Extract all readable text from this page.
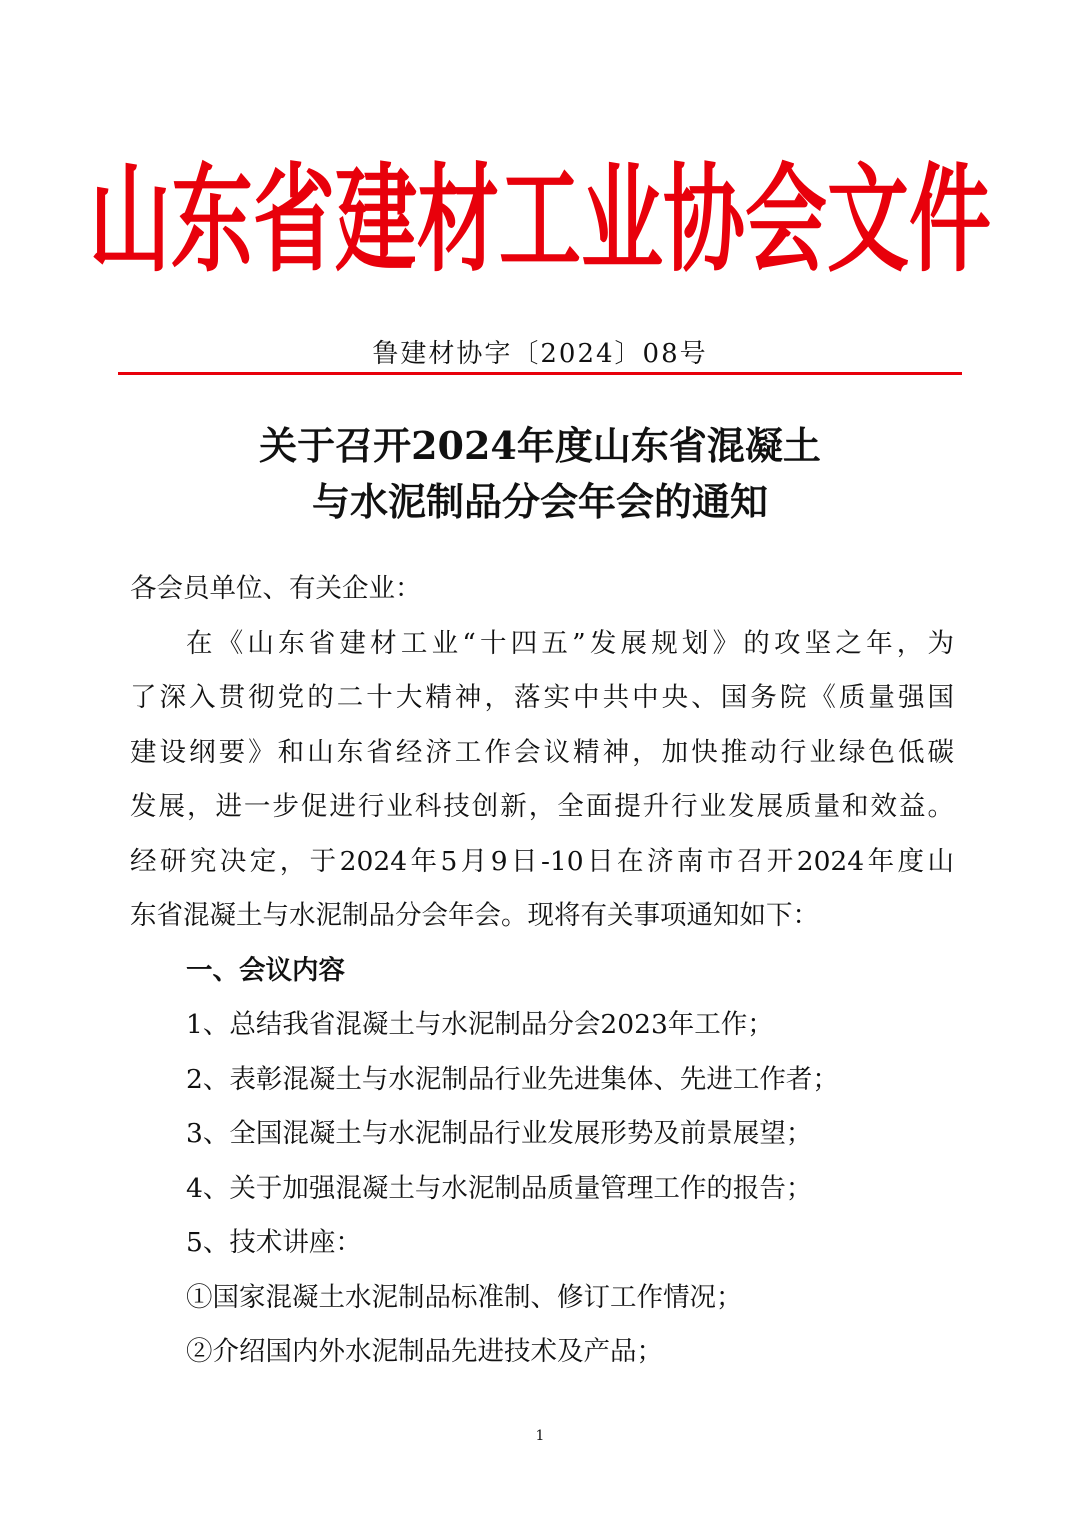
山东省建材工业协会文件
鲁建材协字〔2024〕08号
关于召开2024年度山东省混凝土
与水泥制品分会年会的通知
各会员单位、有关企业：
在《山东省建材工业“十四五”发展规划》的攻坚之年，为
了深入贯彻党的二十大精神，落实中共中央、国务院《质量强国
建设纲要》和山东省经济工作会议精神，加快推动行业绿色低碳
发展，进一步促进行业科技创新，全面提升行业发展质量和效益。
经研究决定，于2024年5月9日-10日在济南市召开2024年度山
东省混凝土与水泥制品分会年会。现将有关事项通知如下：
一、会议内容
1、总结我省混凝土与水泥制品分会2023年工作；
2、表彰混凝土与水泥制品行业先进集体、先进工作者；
3、全国混凝土与水泥制品行业发展形势及前景展望；
4、关于加强混凝土与水泥制品质量管理工作的报告；
5、技术讲座：
①国家混凝土水泥制品标准制、修订工作情况；
②介绍国内外水泥制品先进技术及产品；
1
